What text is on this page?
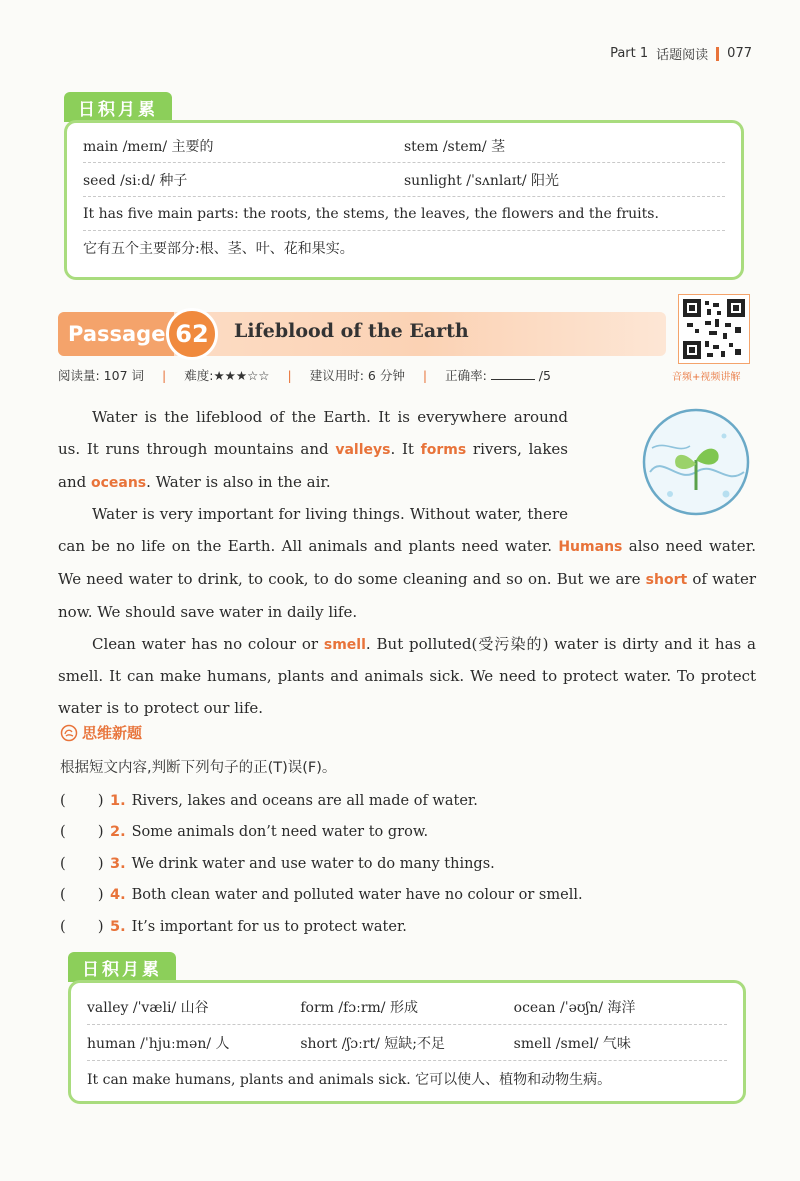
Part 1 话题阅读 077
日积月累
main /meɪn/ 主要的	stem /stem/ 茎
seed /siːd/ 种子	sunlight /ˈsʌnlaɪt/ 阳光
It has five main parts: the roots, the stems, the leaves, the flowers and the fruits.
它有五个主要部分:根、茎、叶、花和果实。
Passage 62	Lifeblood of the Earth
音频+视频讲解
阅读量: 107 词 | 难度:★★★☆☆ | 建议用时: 6 分钟 | 正确率:	/5

Water is the lifeblood of the Earth. It is everywhere around us. It runs through mountains and valleys. It forms rivers, lakes and oceans. Water is also in the air.

Water is very important for living things. Without water, there can be no life on the Earth. All animals and plants need water. Humans also need water. We need water to drink, to cook, to do some cleaning and so on. But we are short of water now. We should save water in daily life.

Clean water has no colour or smell. But polluted(受污染的) water is dirty and it has a smell. It can make humans, plants and animals sick. We need to protect water. To protect water is to protect our life.

思维新题
根据短文内容,判断下列句子的正(T)误(F)。
(       ) 1. Rivers, lakes and oceans are all made of water.
(       ) 2. Some animals don’t need water to grow.
(       ) 3. We drink water and use water to do many things.
(       ) 4. Both clean water and polluted water have no colour or smell.
(       ) 5. It’s important for us to protect water.
日积月累
valley /ˈvæli/ 山谷	form /fɔːrm/ 形成	ocean /ˈəʊʃn/ 海洋
human /ˈhjuːmən/ 人	short /ʃɔːrt/ 短缺;不足	smell /smel/ 气味
It can make humans, plants and animals sick. 它可以使人、植物和动物生病。
